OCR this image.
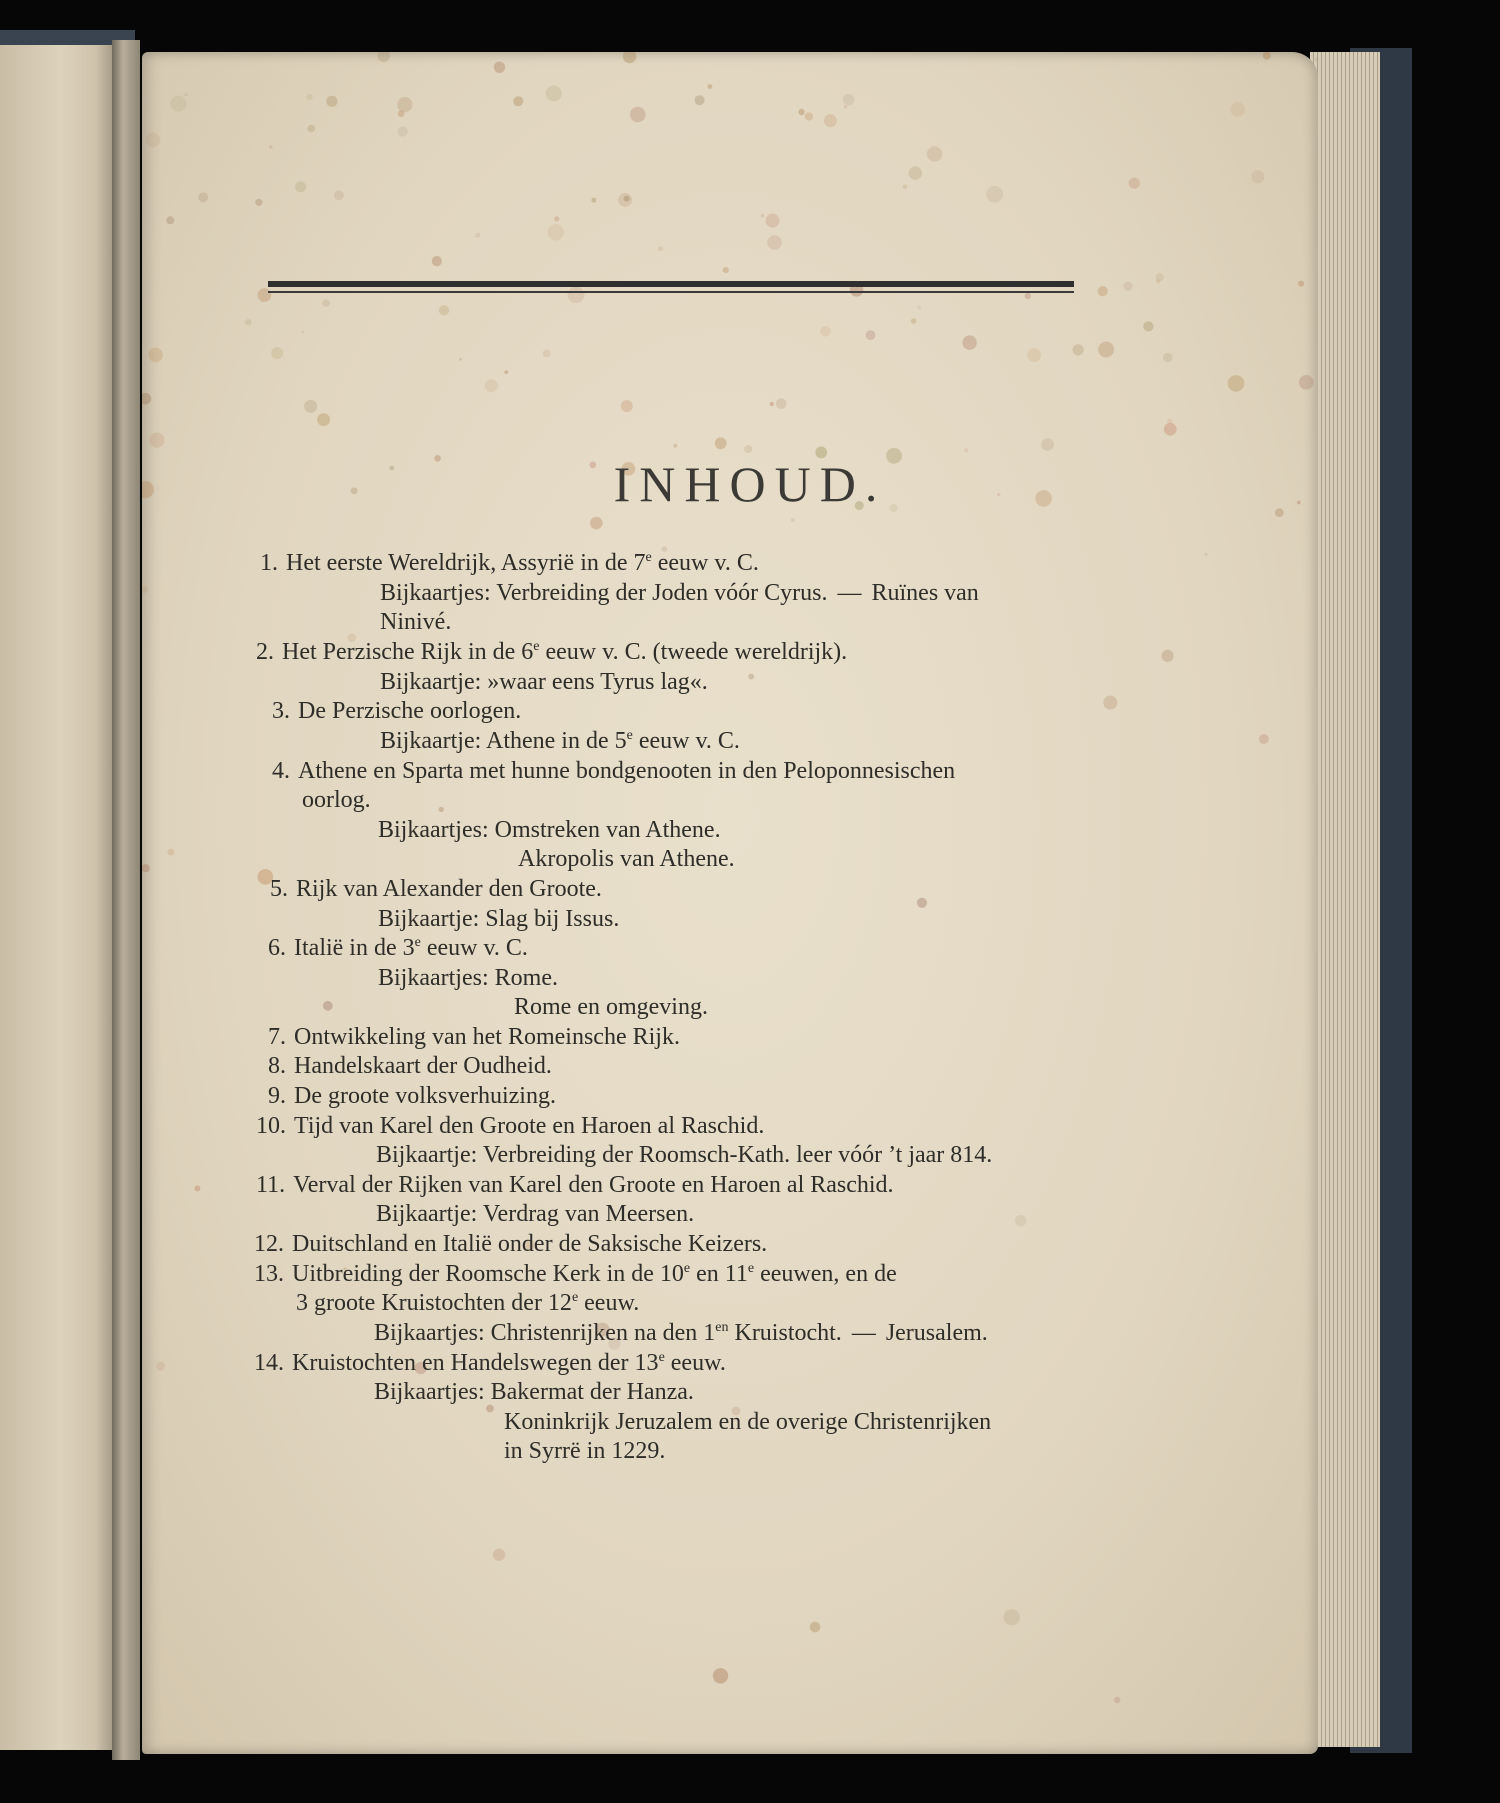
INHOUD.
1. Het eerste Wereldrijk, Assyrië in de 7e eeuw v. C.
Bijkaartjes: Verbreiding der Joden vóór Cyrus. — Ruïnes van
Ninivé.
2. Het Perzische Rijk in de 6e eeuw v. C. (tweede wereldrijk).
Bijkaartje: »waar eens Tyrus lag«.
3. De Perzische oorlogen.
Bijkaartje: Athene in de 5e eeuw v. C.
4. Athene en Sparta met hunne bondgenooten in den Peloponnesischen
oorlog.
Bijkaartjes: Omstreken van Athene.
Akropolis van Athene.
5. Rijk van Alexander den Groote.
Bijkaartje: Slag bij Issus.
6. Italië in de 3e eeuw v. C.
Bijkaartjes: Rome.
Rome en omgeving.
7. Ontwikkeling van het Romeinsche Rijk.
8. Handelskaart der Oudheid.
9. De groote volksverhuizing.
10. Tijd van Karel den Groote en Haroen al Raschid.
Bijkaartje: Verbreiding der Roomsch-Kath. leer vóór ’t jaar 814.
11. Verval der Rijken van Karel den Groote en Haroen al Raschid.
Bijkaartje: Verdrag van Meersen.
12. Duitschland en Italië onder de Saksische Keizers.
13. Uitbreiding der Roomsche Kerk in de 10e en 11e eeuwen, en de
3 groote Kruistochten der 12e eeuw.
Bijkaartjes: Christenrijken na den $1^{en}$ Kruistocht. — Jerusalem.
14. Kruistochten en Handelswegen der 13e eeuw.
Bijkaartjes: Bakermat der Hanza.
Koninkrijk Jeruzalem en de overige Christenrijken
in Syrrë in 1229.
